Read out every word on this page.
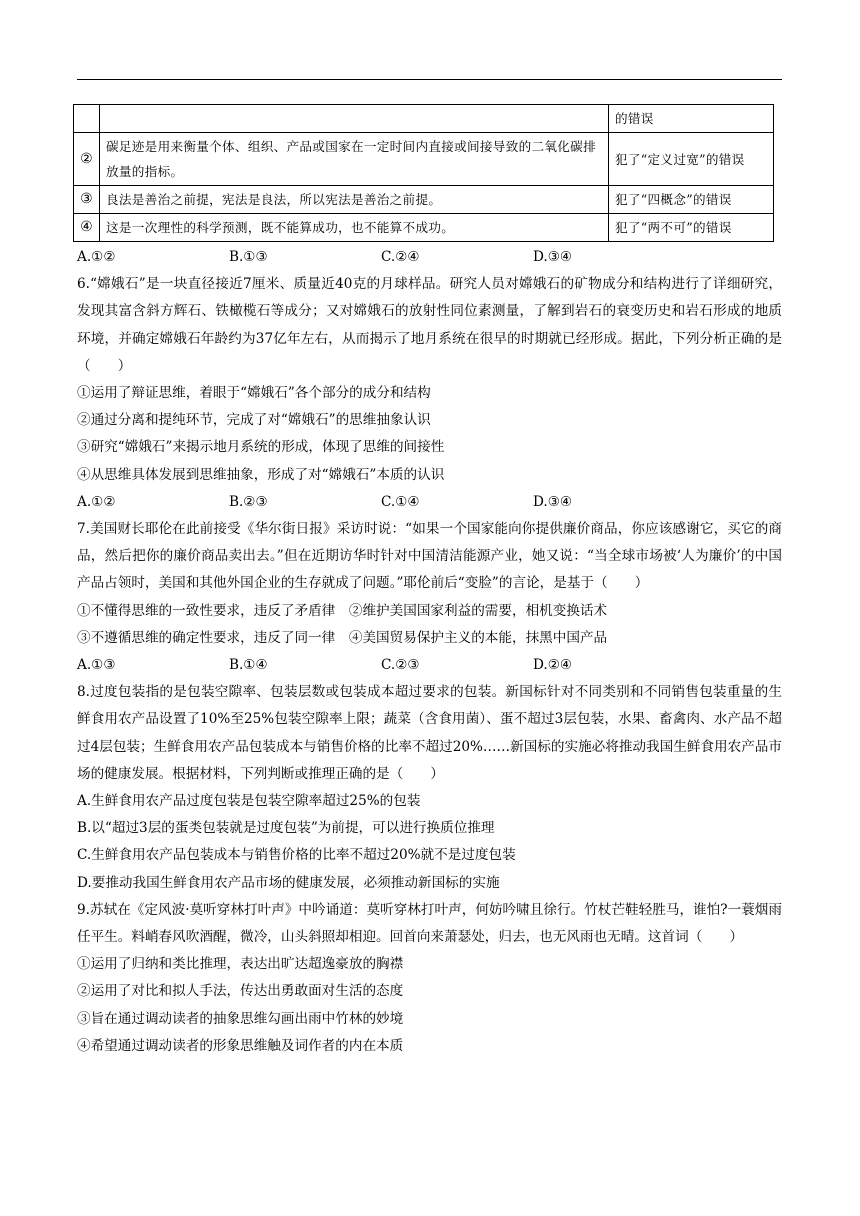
		的错误
②	碳足迹是用来衡量个体、组织、产品或国家在一定时间内直接或间接导致的二氧化碳排放量的指标。	犯了“定义过宽”的错误
③	良法是善治之前提，宪法是良法，所以宪法是善治之前提。	犯了“四概念”的错误
④	这是一次理性的科学预测，既不能算成功，也不能算不成功。	犯了“两不可”的错误
A.①②	B.①③	C.②④	D.③④

6.“嫦娥石”是一块直径接近7厘米、质量近40克的月球样品。研究人员对嫦娥石的矿物成分和结构进行了详细研究，发现其富含斜方辉石、铁橄榄石等成分；又对嫦娥石的放射性同位素测量，了解到岩石的衰变历史和岩石形成的地质环境，并确定嫦娥石年龄约为37亿年左右，从而揭示了地月系统在很早的时期就已经形成。据此，下列分析正确的是（　　）

①运用了辩证思维，着眼于“嫦娥石”各个部分的成分和结构

②通过分离和提纯环节，完成了对“嫦娥石”的思维抽象认识

③研究“嫦娥石”来揭示地月系统的形成，体现了思维的间接性

④从思维具体发展到思维抽象，形成了对“嫦娥石”本质的认识

A.①②	B.②③	C.①④	D.③④

7.美国财长耶伦在此前接受《华尔街日报》采访时说：“如果一个国家能向你提供廉价商品，你应该感谢它，买它的商品，然后把你的廉价商品卖出去。”但在近期访华时针对中国清洁能源产业，她又说：“当全球市场被‘人为廉价’的中国产品占领时，美国和其他外国企业的生存就成了问题。”耶伦前后“变脸”的言论，是基于（　　）

①不懂得思维的一致性要求，违反了矛盾律　②维护美国国家利益的需要，相机变换话术

③不遵循思维的确定性要求，违反了同一律　④美国贸易保护主义的本能，抹黑中国产品

A.①③	B.①④	C.②③	D.②④

8.过度包装指的是包装空隙率、包装层数或包装成本超过要求的包装。新国标针对不同类别和不同销售包装重量的生鲜食用农产品设置了10%至25%包装空隙率上限；蔬菜（含食用菌）、蛋不超过3层包装，水果、畜禽肉、水产品不超过4层包装；生鲜食用农产品包装成本与销售价格的比率不超过20%……新国标的实施必将推动我国生鲜食用农产品市场的健康发展。根据材料，下列判断或推理正确的是（　　）

A.生鲜食用农产品过度包装是包装空隙率超过25%的包装

B.以“超过3层的蛋类包装就是过度包装”为前提，可以进行换质位推理

C.生鲜食用农产品包装成本与销售价格的比率不超过20%就不是过度包装

D.要推动我国生鲜食用农产品市场的健康发展，必须推动新国标的实施

9.苏轼在《定风波·莫听穿林打叶声》中吟诵道：莫听穿林打叶声，何妨吟啸且徐行。竹杖芒鞋轻胜马，谁怕?一蓑烟雨任平生。料峭春风吹酒醒，微冷，山头斜照却相迎。回首向来萧瑟处，归去，也无风雨也无晴。这首词（　　）

①运用了归纳和类比推理，表达出旷达超逸豪放的胸襟

②运用了对比和拟人手法，传达出勇敢面对生活的态度

③旨在通过调动读者的抽象思维勾画出雨中竹林的妙境

④希望通过调动读者的形象思维触及词作者的内在本质
